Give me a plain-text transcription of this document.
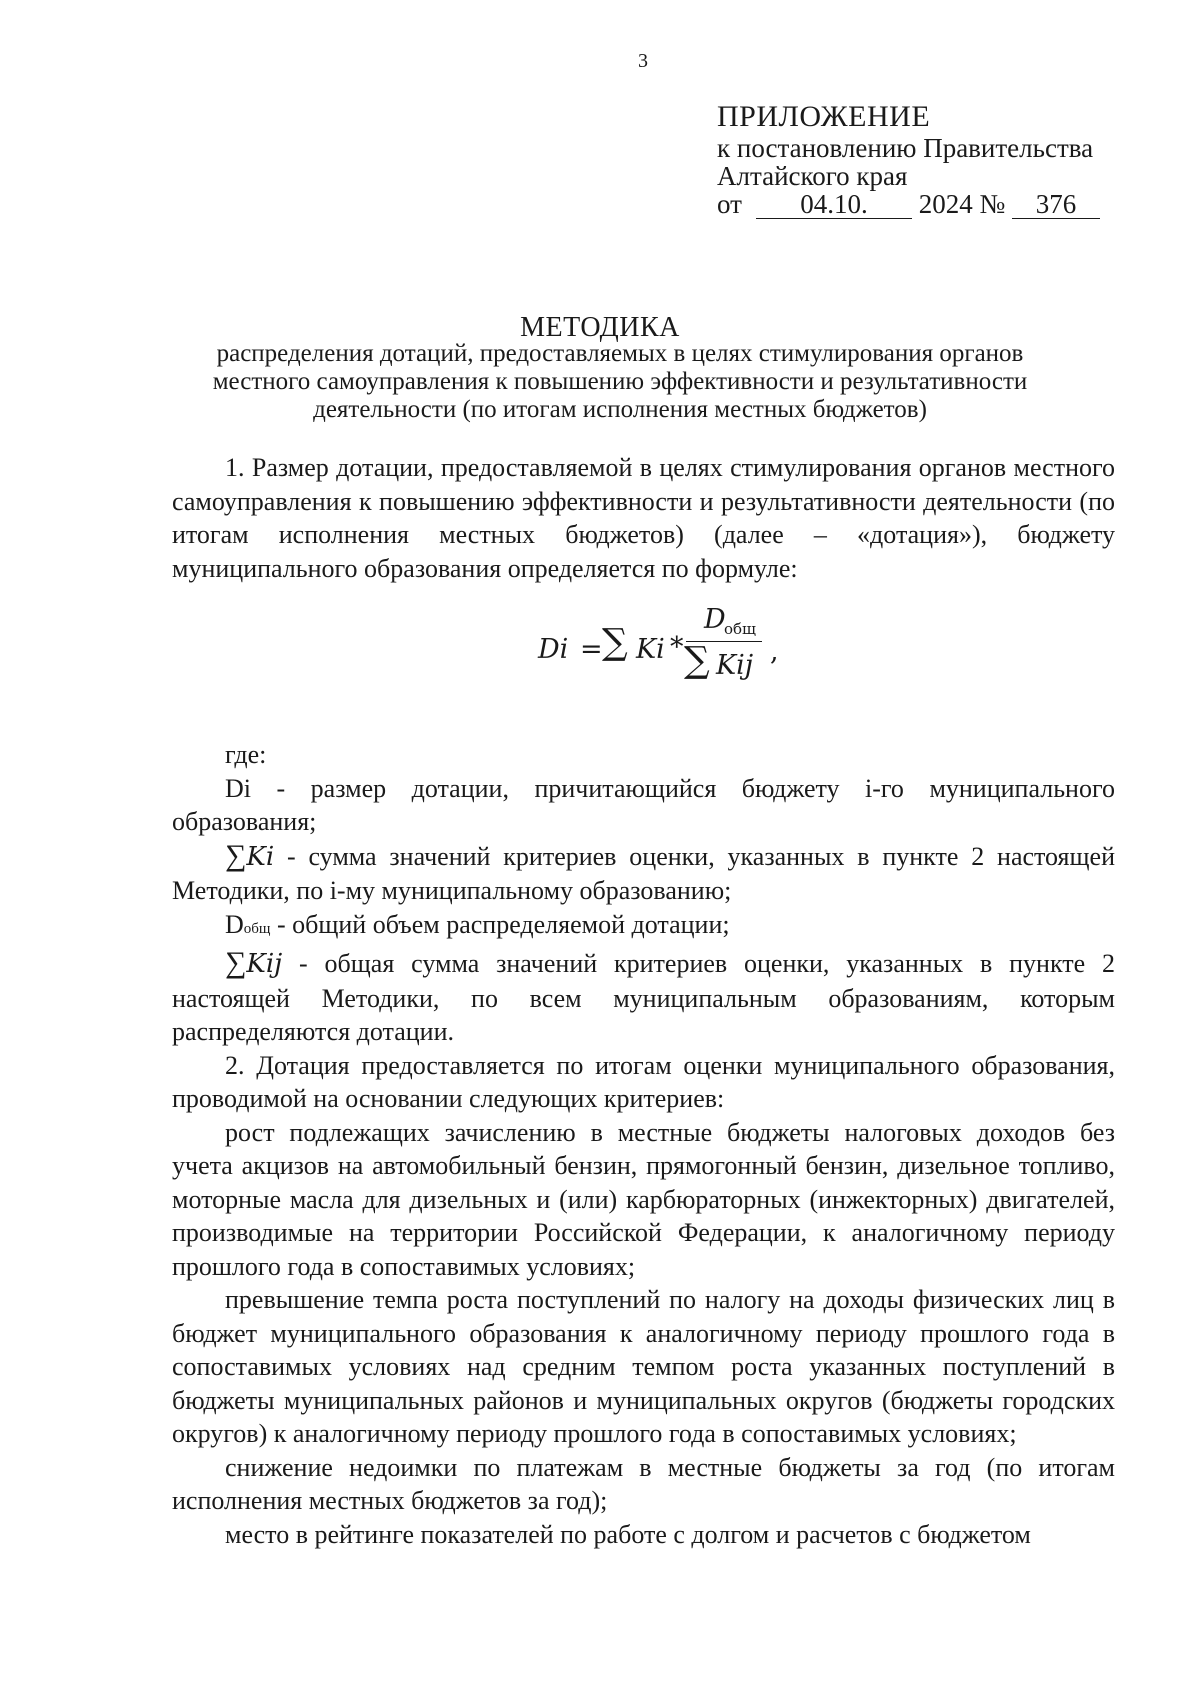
3
ПРИЛОЖЕНИЕ
к постановлению Правительства
Алтайского края
от 04.10. 2024 № 376
МЕТОДИКА
распределения дотаций, предоставляемых в целях стимулирования органов
местного самоуправления к повышению эффективности и результативности
деятельности (по итогам исполнения местных бюджетов)

1. Размер дотации, предоставляемой в целях стимулирования органов местного самоуправления к повышению эффективности и результативности деятельности (по итогам исполнения местных бюджетов) (далее – «дотация»), бюджету муниципального образования определяется по формуле:

Di = ∑ Ki *
D
общ
∑ Kij ,

где:

Di - размер дотации, причитающийся бюджету i-го муниципального образования;

∑Ki - сумма значений критериев оценки, указанных в пункте 2 настоящей Методики, по i-му муниципальному образованию;

Dобщ - общий объем распределяемой дотации;

∑Kij - общая сумма значений критериев оценки, указанных в пункте 2 настоящей Методики, по всем муниципальным образованиям, которым распределяются дотации.

2. Дотация предоставляется по итогам оценки муниципального образования, проводимой на основании следующих критериев:

рост подлежащих зачислению в местные бюджеты налоговых доходов без учета акцизов на автомобильный бензин, прямогонный бензин, дизельное топливо, моторные масла для дизельных и (или) карбюраторных (инжекторных) двигателей, производимые на территории Российской Федерации, к аналогичному периоду прошлого года в сопоставимых условиях;

превышение темпа роста поступлений по налогу на доходы физических лиц в бюджет муниципального образования к аналогичному периоду прошлого года в сопоставимых условиях над средним темпом роста указанных поступлений в бюджеты муниципальных районов и муниципальных округов (бюджеты городских округов) к аналогичному периоду прошлого года в сопоставимых условиях;

снижение недоимки по платежам в местные бюджеты за год (по итогам исполнения местных бюджетов за год);

место в рейтинге показателей по работе с долгом и расчетов с бюджетом
